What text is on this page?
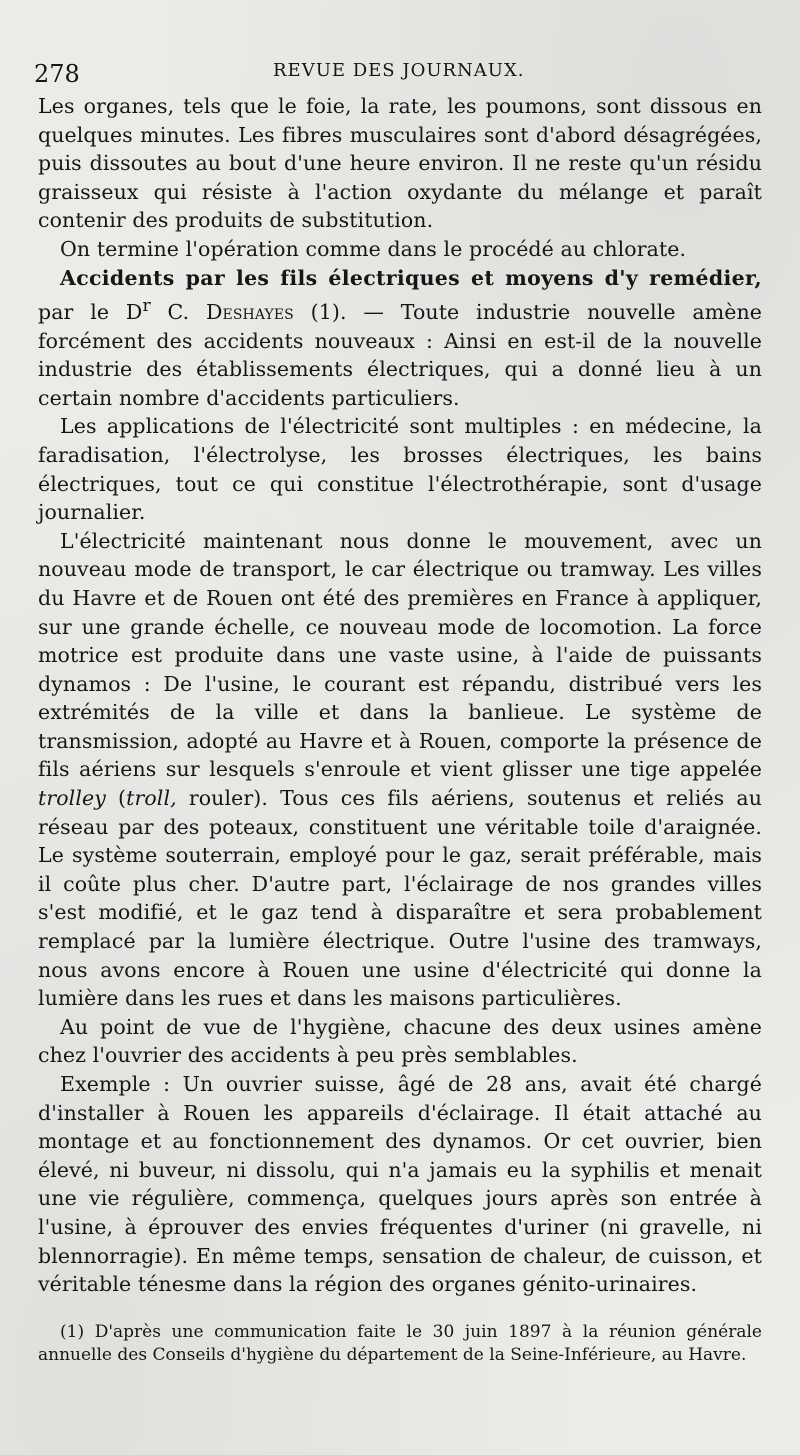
278	REVUE DES JOURNAUX.

Les organes, tels que le foie, la rate, les poumons, sont dissous en quelques minutes. Les fibres musculaires sont d'abord désagrégées, puis dissoutes au bout d'une heure environ. Il ne reste qu'un résidu graisseux qui résiste à l'action oxydante du mélange et paraît contenir des produits de substitution.

On termine l'opération comme dans le procédé au chlorate.

Accidents par les fils électriques et moyens d'y remédier, par le $D^r$ C. Deshayes (1). — Toute industrie nouvelle amène forcément des accidents nouveaux : Ainsi en est-il de la nouvelle industrie des établissements électriques, qui a donné lieu à un certain nombre d'accidents particuliers.

Les applications de l'électricité sont multiples : en médecine, la faradisation, l'électrolyse, les brosses électriques, les bains électriques, tout ce qui constitue l'électrothérapie, sont d'usage journalier.

L'électricité maintenant nous donne le mouvement, avec un nouveau mode de transport, le car électrique ou tramway. Les villes du Havre et de Rouen ont été des premières en France à appliquer, sur une grande échelle, ce nouveau mode de locomotion. La force motrice est produite dans une vaste usine, à l'aide de puissants dynamos : De l'usine, le courant est répandu, distribué vers les extrémités de la ville et dans la banlieue. Le système de transmission, adopté au Havre et à Rouen, comporte la présence de fils aériens sur lesquels s'enroule et vient glisser une tige appelée trolley (troll, rouler). Tous ces fils aériens, soutenus et reliés au réseau par des poteaux, constituent une véritable toile d'araignée. Le système souterrain, employé pour le gaz, serait préférable, mais il coûte plus cher. D'autre part, l'éclairage de nos grandes villes s'est modifié, et le gaz tend à disparaître et sera probablement remplacé par la lumière électrique. Outre l'usine des tramways, nous avons encore à Rouen une usine d'électricité qui donne la lumière dans les rues et dans les maisons particulières.

Au point de vue de l'hygiène, chacune des deux usines amène chez l'ouvrier des accidents à peu près semblables.

Exemple : Un ouvrier suisse, âgé de 28 ans, avait été chargé d'installer à Rouen les appareils d'éclairage. Il était attaché au montage et au fonctionnement des dynamos. Or cet ouvrier, bien élevé, ni buveur, ni dissolu, qui n'a jamais eu la syphilis et menait une vie régulière, commença, quelques jours après son entrée à l'usine, à éprouver des envies fréquentes d'uriner (ni gravelle, ni blennorragie). En même temps, sensation de chaleur, de cuisson, et véritable ténesme dans la région des organes génito-urinaires.

(1) D'après une communication faite le 30 juin 1897 à la réunion générale annuelle des Conseils d'hygiène du département de la Seine-Inférieure, au Havre.
